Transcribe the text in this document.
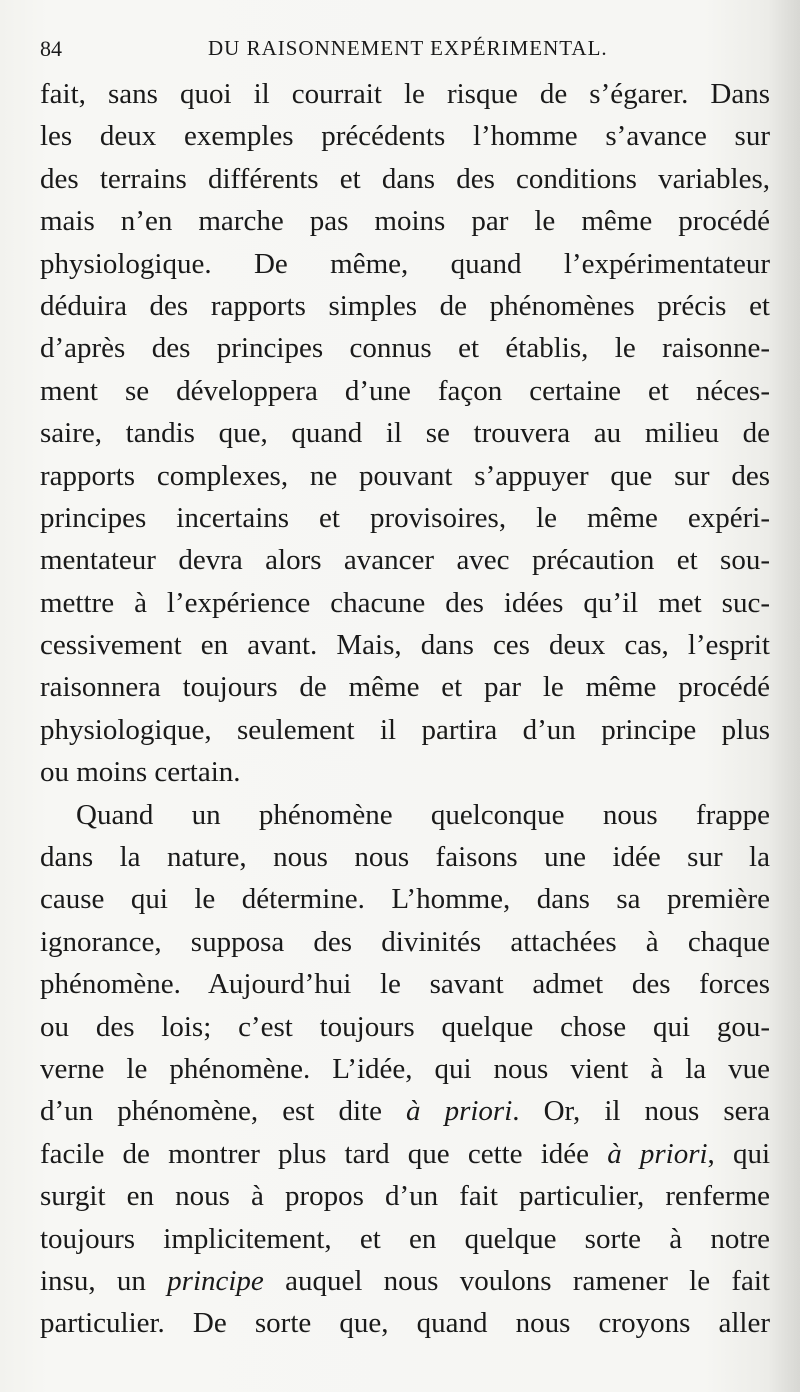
84	DU RAISONNEMENT EXPÉRIMENTAL.
fait, sans quoi il courrait le risque de s’égarer. Dans
les deux exemples précédents l’homme s’avance sur
des terrains différents et dans des conditions variables,
mais n’en marche pas moins par le même procédé
physiologique. De même, quand l’expérimentateur
déduira des rapports simples de phénomènes précis et
d’après des principes connus et établis, le raisonne-
ment se développera d’une façon certaine et néces-
saire, tandis que, quand il se trouvera au milieu de
rapports complexes, ne pouvant s’appuyer que sur des
principes incertains et provisoires, le même expéri-
mentateur devra alors avancer avec précaution et sou-
mettre à l’expérience chacune des idées qu’il met suc-
cessivement en avant. Mais, dans ces deux cas, l’esprit
raisonnera toujours de même et par le même procédé
physiologique, seulement il partira d’un principe plus
ou moins certain.
Quand un phénomène quelconque nous frappe
dans la nature, nous nous faisons une idée sur la
cause qui le détermine. L’homme, dans sa première
ignorance, supposa des divinités attachées à chaque
phénomène. Aujourd’hui le savant admet des forces
ou des lois; c’est toujours quelque chose qui gou-
verne le phénomène. L’idée, qui nous vient à la vue
d’un phénomène, est dite à priori. Or, il nous sera
facile de montrer plus tard que cette idée à priori, qui
surgit en nous à propos d’un fait particulier, renferme
toujours implicitement, et en quelque sorte à notre
insu, un principe auquel nous voulons ramener le fait
particulier. De sorte que, quand nous croyons aller
